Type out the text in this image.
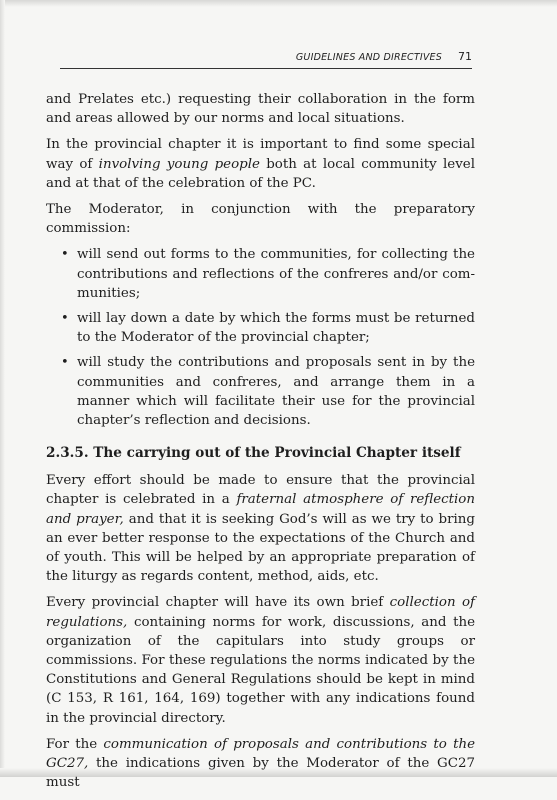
GUIDELINES AND DIRECTIVES 71

and Prelates etc.) requesting their collaboration in the form and areas allowed by our norms and local situations.

In the provincial chapter it is important to find some special way of involving young people both at local community level and at that of the celebration of the PC.

The Moderator, in conjunction with the preparatory commission:

• will send out forms to the communities, for collecting the contributions and reflections of the confreres and/or communities;
• will lay down a date by which the forms must be returned to the Moderator of the provincial chapter;
• will study the contributions and proposals sent in by the communities and confreres, and arrange them in a manner which will facilitate their use for the provincial chapter’s reflection and decisions.
2.3.5. The carrying out of the Provincial Chapter itself

Every effort should be made to ensure that the provincial chapter is celebrated in a fraternal atmosphere of reflection and prayer, and that it is seeking God’s will as we try to bring an ever better response to the expectations of the Church and of youth. This will be helped by an appropriate preparation of the liturgy as regards content, method, aids, etc.

Every provincial chapter will have its own brief collection of regulations, containing norms for work, discussions, and the organization of the capitulars into study groups or commissions. For these regulations the norms indicated by the Constitutions and General Regulations should be kept in mind (C 153, R 161, 164, 169) together with any indications found in the provincial directory.

For the communication of proposals and contributions to the GC27, the indications given by the Moderator of the GC27 must
